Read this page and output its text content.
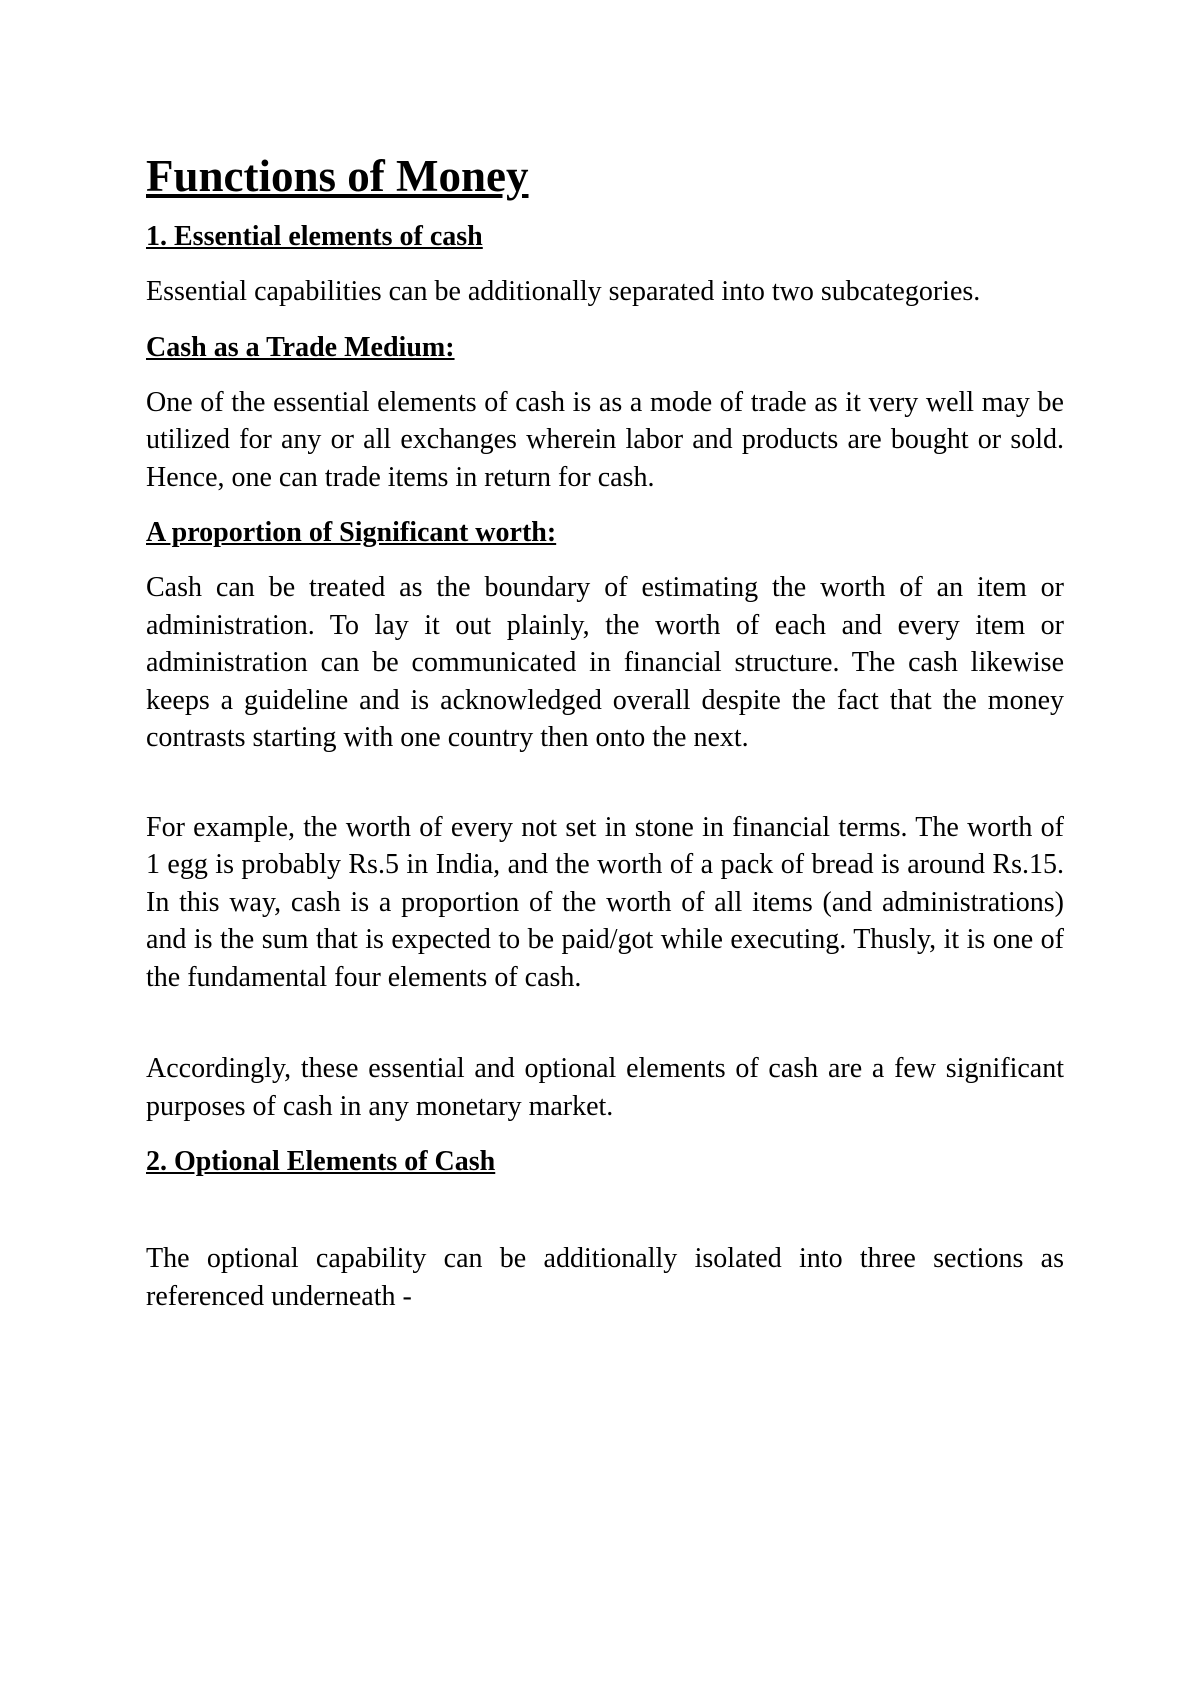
Functions of Money
1. Essential elements of cash

Essential capabilities can be additionally separated into two subcategories.

Cash as a Trade Medium:

One of the essential elements of cash is as a mode of trade as it very well may be utilized for any or all exchanges wherein labor and products are bought or sold. Hence, one can trade items in return for cash.

A proportion of Significant worth:

Cash can be treated as the boundary of estimating the worth of an item or administration. To lay it out plainly, the worth of each and every item or administration can be communicated in financial structure. The cash likewise keeps a guideline and is acknowledged overall despite the fact that the money contrasts starting with one country then onto the next.

For example, the worth of every not set in stone in financial terms. The worth of 1 egg is probably Rs.5 in India, and the worth of a pack of bread is around Rs.15. In this way, cash is a proportion of the worth of all items (and administrations) and is the sum that is expected to be paid/got while executing. Thusly, it is one of the fundamental four elements of cash.

Accordingly, these essential and optional elements of cash are a few significant purposes of cash in any monetary market.

2. Optional Elements of Cash

The optional capability can be additionally isolated into three sections as referenced underneath -
